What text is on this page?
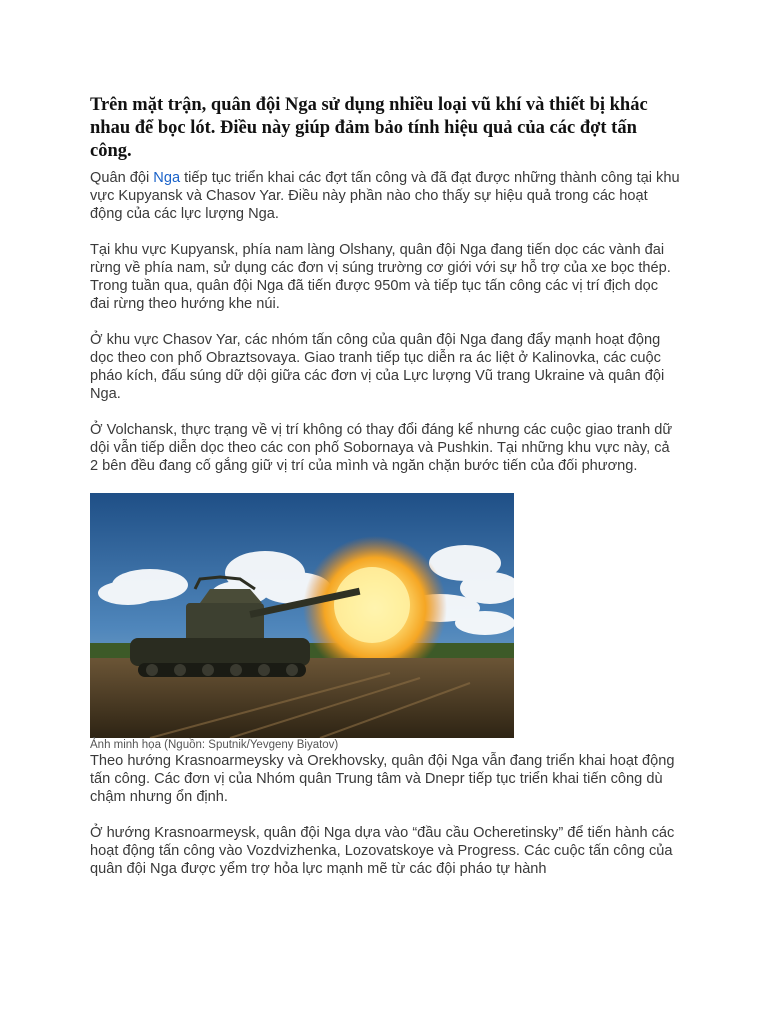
Trên mặt trận, quân đội Nga sử dụng nhiều loại vũ khí và thiết bị khác nhau để bọc lót. Điều này giúp đảm bảo tính hiệu quả của các đợt tấn công.

Quân đội Nga tiếp tục triển khai các đợt tấn công và đã đạt được những thành công tại khu vực Kupyansk và Chasov Yar. Điều này phần nào cho thấy sự hiệu quả trong các hoạt động của các lực lượng Nga.

Tại khu vực Kupyansk, phía nam làng Olshany, quân đội Nga đang tiến dọc các vành đai rừng về phía nam, sử dụng các đơn vị súng trường cơ giới với sự hỗ trợ của xe bọc thép. Trong tuần qua, quân đội Nga đã tiến được 950m và tiếp tục tấn công các vị trí địch dọc đai rừng theo hướng khe núi.

Ở khu vực Chasov Yar, các nhóm tấn công của quân đội Nga đang đẩy mạnh hoạt động dọc theo con phố Obraztsovaya. Giao tranh tiếp tục diễn ra ác liệt ở Kalinovka, các cuộc pháo kích, đấu súng dữ dội giữa các đơn vị của Lực lượng Vũ trang Ukraine và quân đội Nga.

Ở Volchansk, thực trạng về vị trí không có thay đổi đáng kể nhưng các cuộc giao tranh dữ dội vẫn tiếp diễn dọc theo các con phố Sobornaya và Pushkin. Tại những khu vực này, cả 2 bên đều đang cố gắng giữ vị trí của mình và ngăn chặn bước tiến của đối phương.

Ảnh minh họa (Nguồn: Sputnik/Yevgeny Biyatov)

Theo hướng Krasnoarmeysky và Orekhovsky, quân đội Nga vẫn đang triển khai hoạt động tấn công. Các đơn vị của Nhóm quân Trung tâm và Dnepr tiếp tục triển khai tiến công dù chậm nhưng ổn định.

Ở hướng Krasnoarmeysk, quân đội Nga dựa vào “đầu cầu Ocheretinsky” để tiến hành các hoạt động tấn công vào Vozdvizhenka, Lozovatskoye và Progress. Các cuộc tấn công của quân đội Nga được yểm trợ hỏa lực mạnh mẽ từ các đội pháo tự hành
